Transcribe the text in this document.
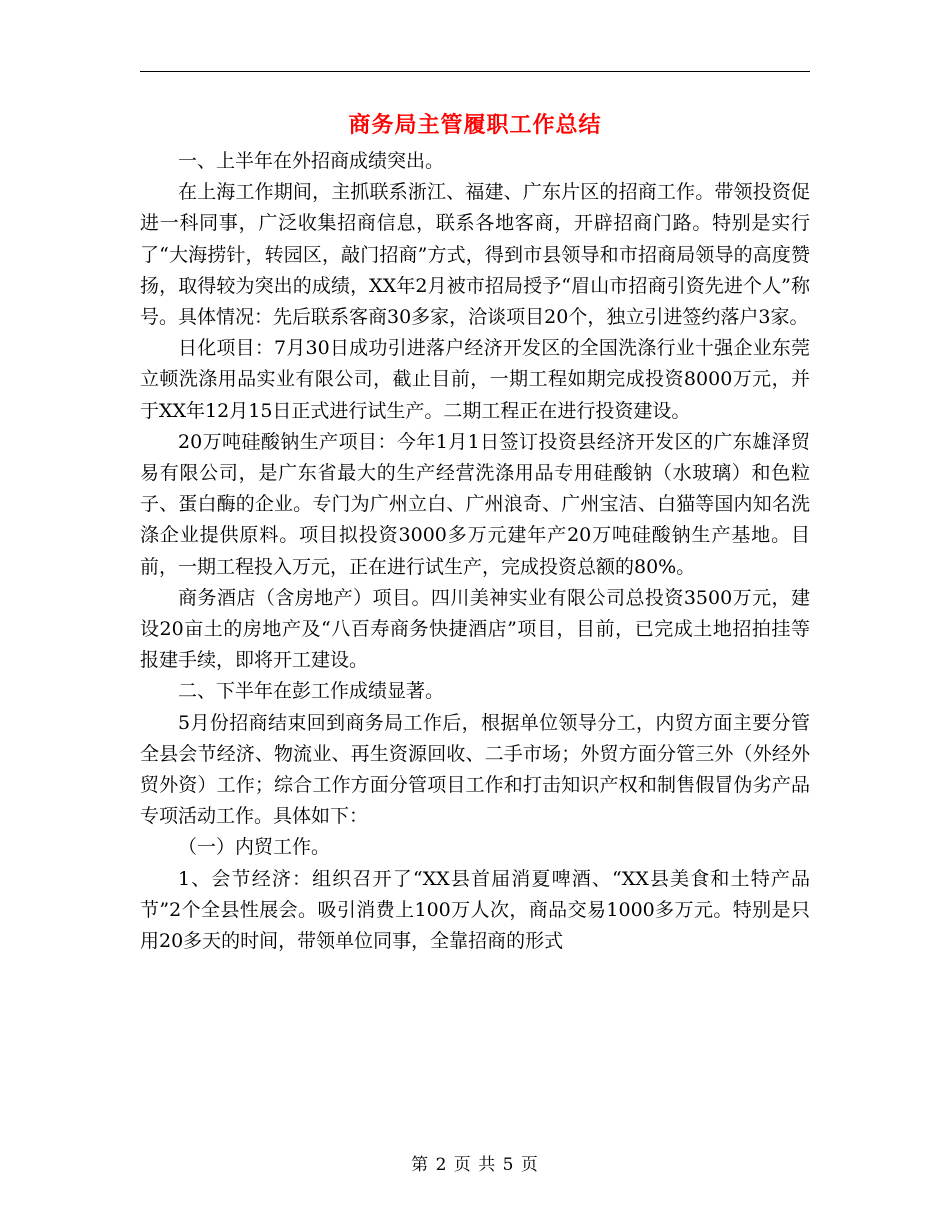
商务局主管履职工作总结

一、上半年在外招商成绩突出。

在上海工作期间，主抓联系浙江、福建、广东片区的招商工作。带领投资促进一科同事，广泛收集招商信息，联系各地客商，开辟招商门路。特别是实行了“大海捞针，转园区，敲门招商”方式，得到市县领导和市招商局领导的高度赞扬，取得较为突出的成绩，XX年2月被市招局授予“眉山市招商引资先进个人”称号。具体情况：先后联系客商30多家，洽谈项目20个，独立引进签约落户3家。

日化项目：7月30日成功引进落户经济开发区的全国洗涤行业十强企业东莞立顿洗涤用品实业有限公司，截止目前，一期工程如期完成投资8000万元，并于XX年12月15日正式进行试生产。二期工程正在进行投资建设。

20万吨硅酸钠生产项目：今年1月1日签订投资县经济开发区的广东雄泽贸易有限公司，是广东省最大的生产经营洗涤用品专用硅酸钠（水玻璃）和色粒子、蛋白酶的企业。专门为广州立白、广州浪奇、广州宝洁、白猫等国内知名洗涤企业提供原料。项目拟投资3000多万元建年产20万吨硅酸钠生产基地。目前，一期工程投入万元，正在进行试生产，完成投资总额的80%。

商务酒店（含房地产）项目。四川美神实业有限公司总投资3500万元，建设20亩土的房地产及“八百寿商务快捷酒店”项目，目前，已完成土地招拍挂等报建手续，即将开工建设。

二、下半年在彭工作成绩显著。

5月份招商结束回到商务局工作后，根据单位领导分工，内贸方面主要分管全县会节经济、物流业、再生资源回收、二手市场；外贸方面分管三外（外经外贸外资）工作；综合工作方面分管项目工作和打击知识产权和制售假冒伪劣产品专项活动工作。具体如下：

（一）内贸工作。

1、会节经济：组织召开了“XX县首届消夏啤酒、“XX县美食和土特产品节”2个全县性展会。吸引消费上100万人次，商品交易1000多万元。特别是只用20多天的时间，带领单位同事，全靠招商的形式

第 2 页 共 5 页
